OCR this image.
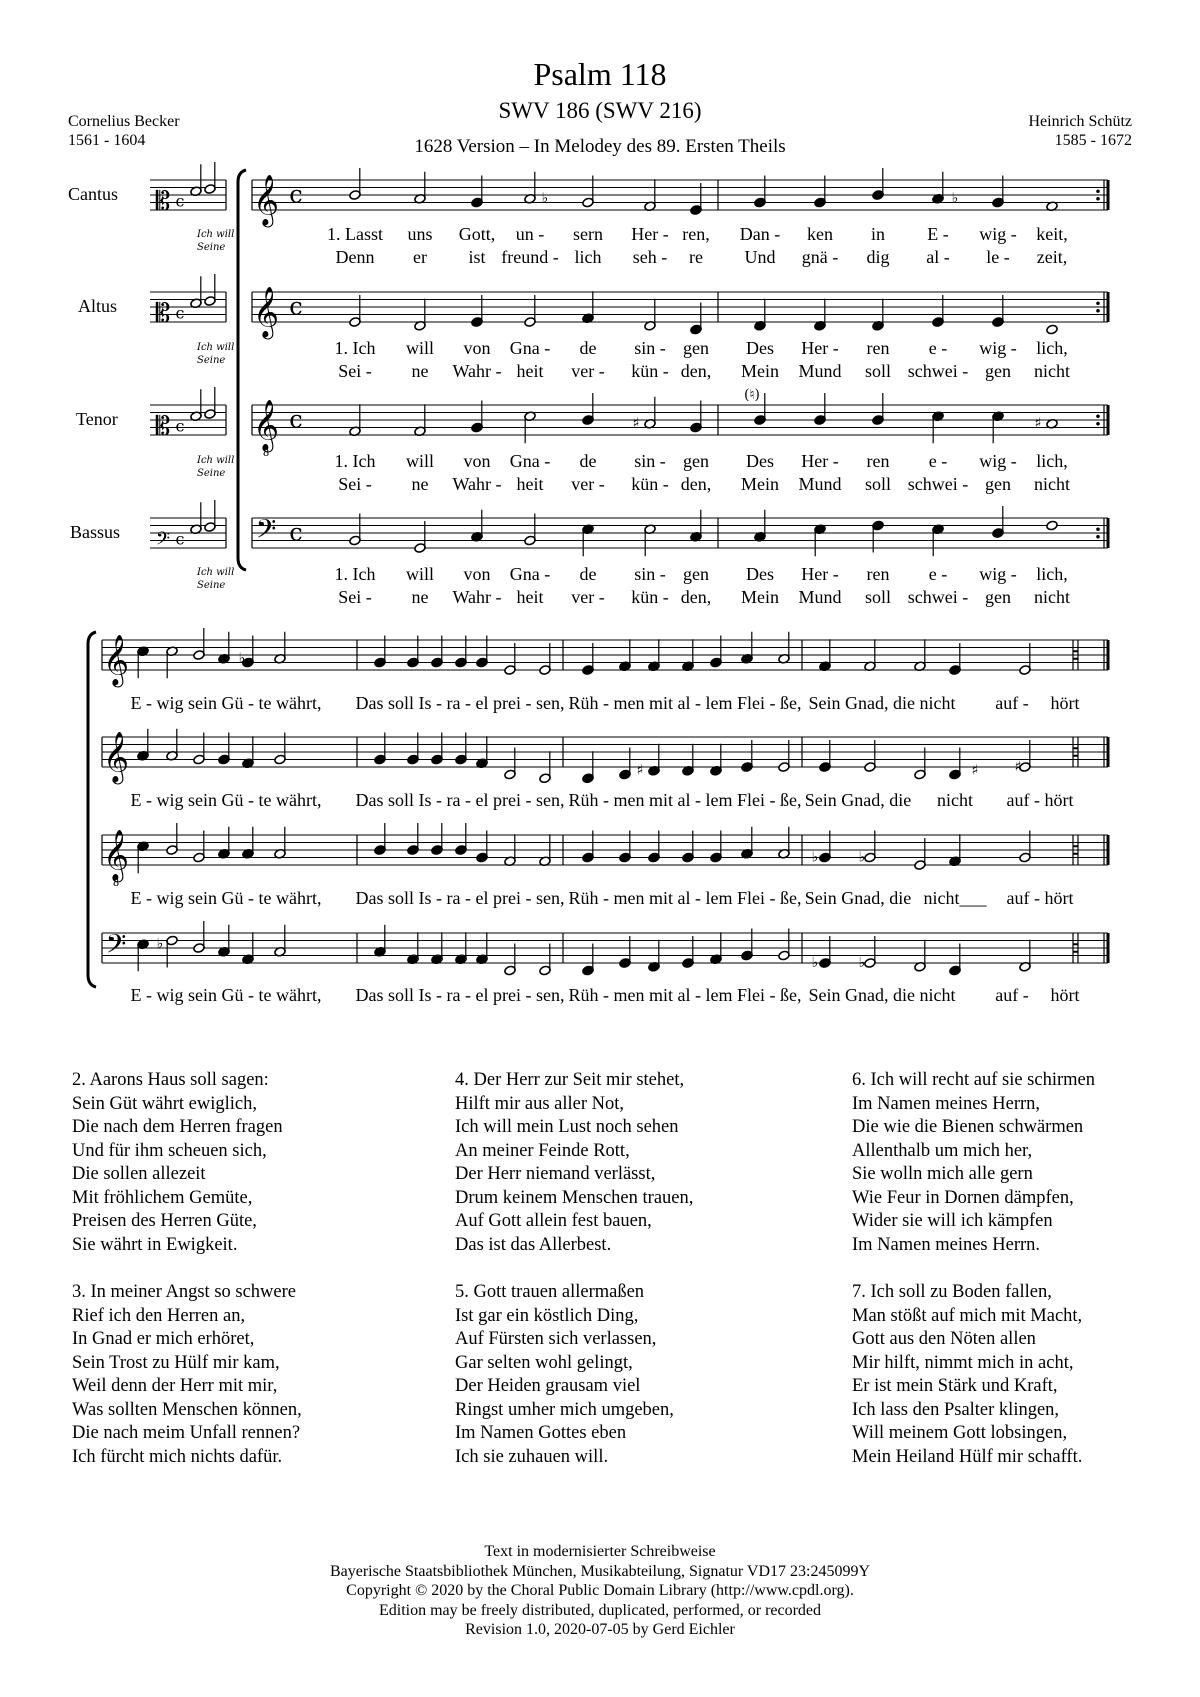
Psalm 118
SWV 186 (SWV 216)
1628 Version – In Melodey des 89. Ersten Theils
Cornelius Becker
1561 - 1604
Heinrich Schütz
1585 - 1672
Cantus
Altus
Tenor
Bassus
Ich will
Seine
Ich will
Seine
Ich will
Seine
Ich will
Seine
𝄡 c
𝄡 c
𝄡 c
𝄢 c
𝄞 c
𝄞 c
𝄞
8
c
𝄢 c
♭	♭
♯	♯
(♮)
𝄞
𝄞
𝄞
8
𝄢
♭
♭
♭	♭
♭	♭
♯	♯	♯
1. Lasst uns Gott, un - sern Her - ren, Dan - ken in E - wig - keit,
Denn er ist freund - lich seh - re Und gnä - dig al - le - zeit,
1. Ich will von Gna - de sin - gen Des Her - ren e - wig - lich,
Sei - ne Wahr - heit ver - kün - den, Mein Mund soll schwei - gen nicht
1. Ich will von Gna - de sin - gen Des Her - ren e - wig - lich,
Sei - ne Wahr - heit ver - kün - den, Mein Mund soll schwei - gen nicht
1. Ich will von Gna - de sin - gen Des Her - ren e - wig - lich,
Sei - ne Wahr - heit ver - kün - den, Mein Mund soll schwei - gen nicht
E - wig sein Gü - te währt, Das soll Is - ra - el prei - sen, Rüh - men mit al - lem Flei - ße, Sein Gnad, die nicht auf - hört
E - wig sein Gü - te währt, Das soll Is - ra - el prei - sen, Rüh - men mit al - lem Flei - ße, Sein Gnad, die nicht auf - hört
E - wig sein Gü - te währt, Das soll Is - ra - el prei - sen, Rüh - men mit al - lem Flei - ße, Sein Gnad, die nicht___ auf - hört
E - wig sein Gü - te währt, Das soll Is - ra - el prei - sen, Rüh - men mit al - lem Flei - ße, Sein Gnad, die nicht auf - hört
2. Aarons Haus soll sagen:
Sein Güt währt ewiglich,
Die nach dem Herren fragen
Und für ihm scheuen sich,
Die sollen allezeit
Mit fröhlichem Gemüte,
Preisen des Herren Güte,
Sie währt in Ewigkeit.
3. In meiner Angst so schwere
Rief ich den Herren an,
In Gnad er mich erhöret,
Sein Trost zu Hülf mir kam,
Weil denn der Herr mit mir,
Was sollten Menschen können,
Die nach meim Unfall rennen?
Ich fürcht mich nichts dafür.
4. Der Herr zur Seit mir stehet,
Hilft mir aus aller Not,
Ich will mein Lust noch sehen
An meiner Feinde Rott,
Der Herr niemand verlässt,
Drum keinem Menschen trauen,
Auf Gott allein fest bauen,
Das ist das Allerbest.
5. Gott trauen allermaßen
Ist gar ein köstlich Ding,
Auf Fürsten sich verlassen,
Gar selten wohl gelingt,
Der Heiden grausam viel
Ringst umher mich umgeben,
Im Namen Gottes eben
Ich sie zuhauen will.
6. Ich will recht auf sie schirmen
Im Namen meines Herrn,
Die wie die Bienen schwärmen
Allenthalb um mich her,
Sie wolln mich alle gern
Wie Feur in Dornen dämpfen,
Wider sie will ich kämpfen
Im Namen meines Herrn.
7. Ich soll zu Boden fallen,
Man stößt auf mich mit Macht,
Gott aus den Nöten allen
Mir hilft, nimmt mich in acht,
Er ist mein Stärk und Kraft,
Ich lass den Psalter klingen,
Will meinem Gott lobsingen,
Mein Heiland Hülf mir schafft.
Text in modernisierter Schreibweise
Bayerische Staatsbibliothek München, Musikabteilung, Signatur VD17 23:245099Y
Copyright © 2020 by the Choral Public Domain Library (http://www.cpdl.org).
Edition may be freely distributed, duplicated, performed, or recorded
Revision 1.0, 2020-07-05 by Gerd Eichler
